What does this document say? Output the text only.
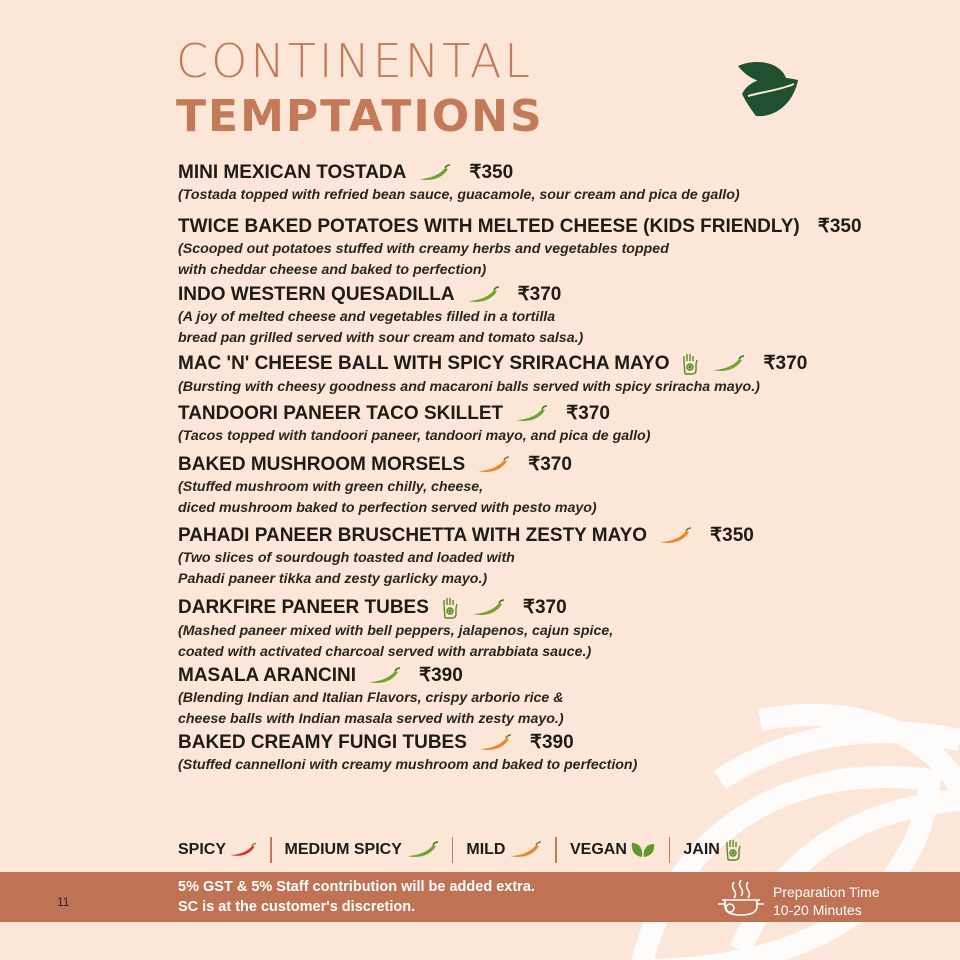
CONTINENTAL
TEMPTATIONS
MINI MEXICAN TOSTADA	₹350
(Tostada topped with refried bean sauce, guacamole, sour cream and pica de gallo)
TWICE BAKED POTATOES WITH MELTED CHEESE (KIDS FRIENDLY) ₹350
(Scooped out potatoes stuffed with creamy herbs and vegetables topped
with cheddar cheese and baked to perfection)
INDO WESTERN QUESADILLA	₹370
(A joy of melted cheese and vegetables filled in a tortilla
bread pan grilled served with sour cream and tomato salsa.)
MAC 'N' CHEESE BALL WITH SPICY SRIRACHA MAYO	₹370
(Bursting with cheesy goodness and macaroni balls served with spicy sriracha mayo.)
TANDOORI PANEER TACO SKILLET	₹370
(Tacos topped with tandoori paneer, tandoori mayo, and pica de gallo)
BAKED MUSHROOM MORSELS	₹370
(Stuffed mushroom with green chilly, cheese,
diced mushroom baked to perfection served with pesto mayo)
PAHADI PANEER BRUSCHETTA WITH ZESTY MAYO	₹350
(Two slices of sourdough toasted and loaded with
Pahadi paneer tikka and zesty garlicky mayo.)
DARKFIRE PANEER TUBES	₹370
(Mashed paneer mixed with bell peppers, jalapenos, cajun spice,
coated with activated charcoal served with arrabbiata sauce.)
MASALA ARANCINI	₹390
(Blending Indian and Italian Flavors, crispy arborio rice &
cheese balls with Indian masala served with zesty mayo.)
BAKED CREAMY FUNGI TUBES	₹390
(Stuffed cannelloni with creamy mushroom and baked to perfection)
SPICY	MEDIUM SPICY	MILD	VEGAN	JAIN
11
5% GST & 5% Staff contribution will be added extra.
SC is at the customer's discretion.
Preparation Time
10-20 Minutes
